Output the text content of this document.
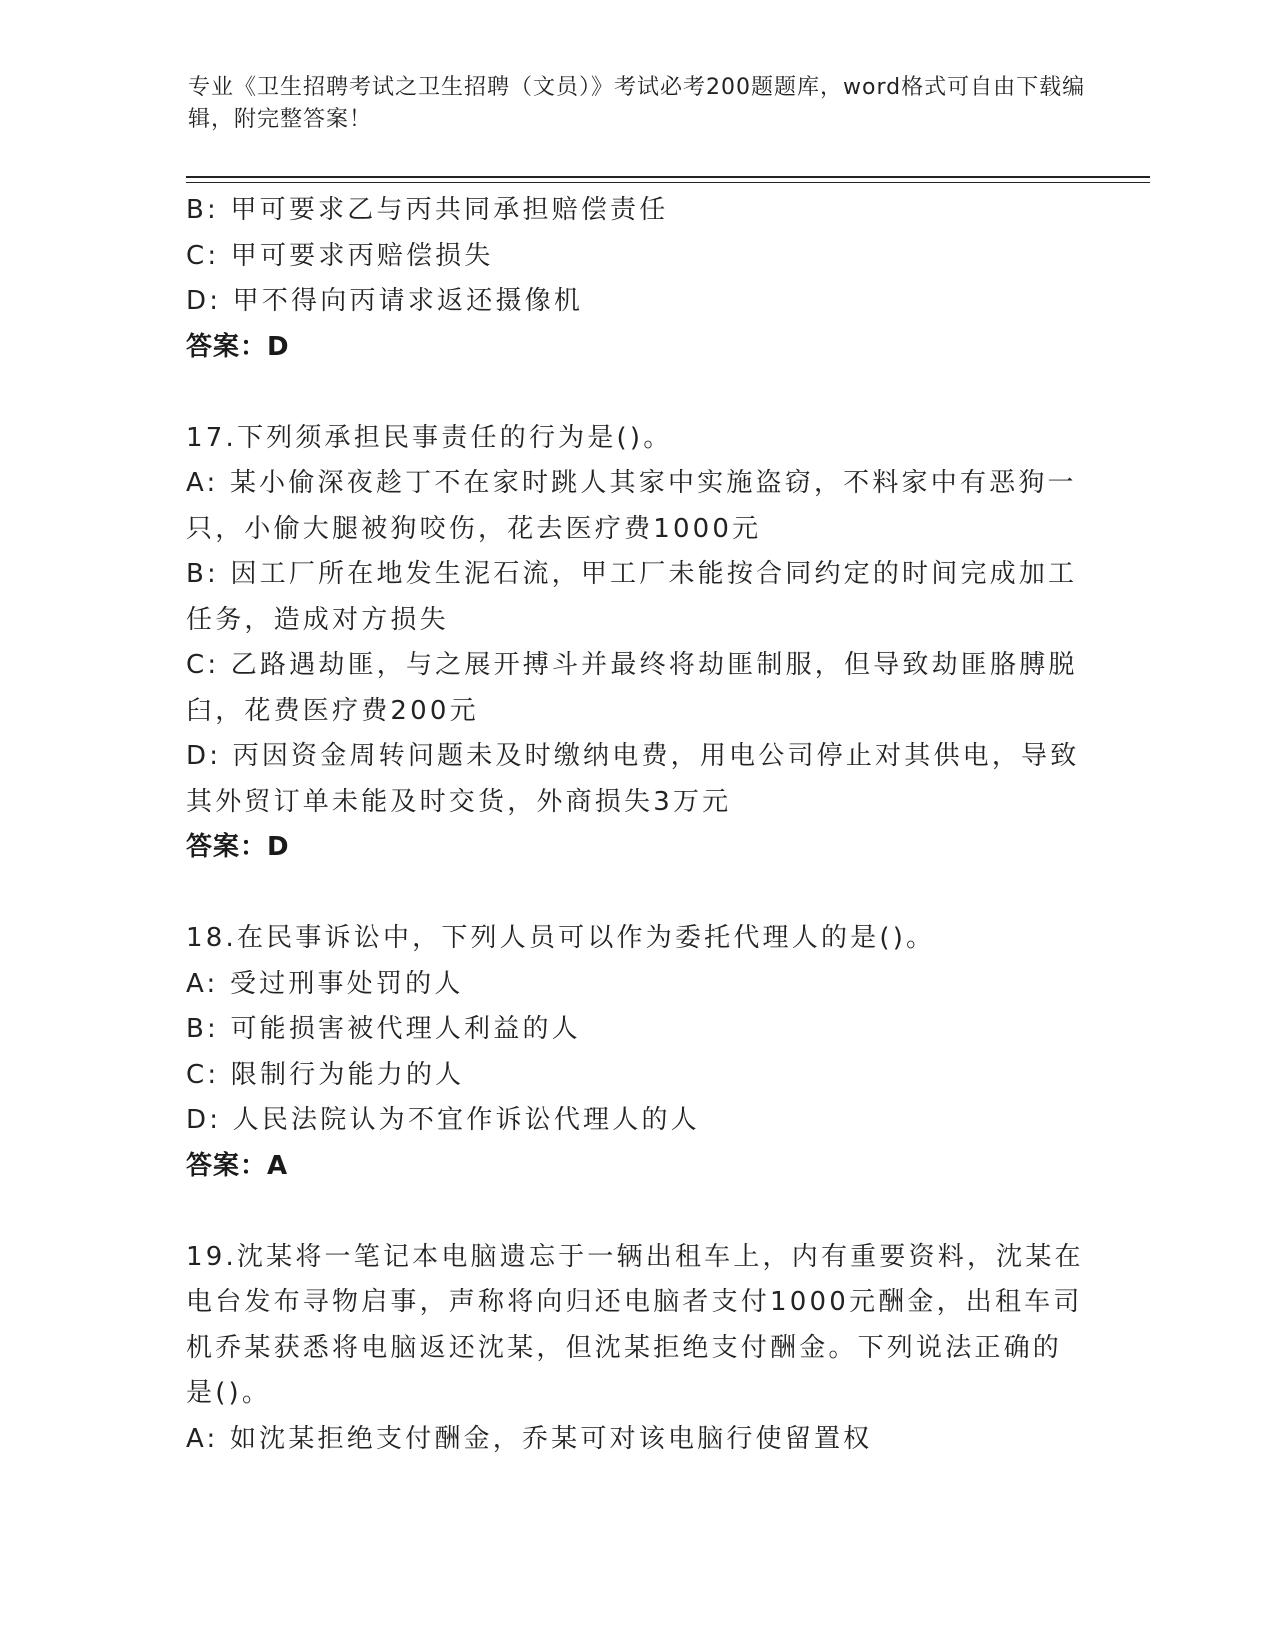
专业《卫生招聘考试之卫生招聘（文员）》考试必考200题题库，word格式可自由下载编辑，附完整答案！
B: 甲可要求乙与丙共同承担赔偿责任
C: 甲可要求丙赔偿损失
D: 甲不得向丙请求返还摄像机
答案：D
17.下列须承担民事责任的行为是()。
A: 某小偷深夜趁丁不在家时跳人其家中实施盗窃，不料家中有恶狗一只，小偷大腿被狗咬伤，花去医疗费1000元
B: 因工厂所在地发生泥石流，甲工厂未能按合同约定的时间完成加工任务，造成对方损失
C: 乙路遇劫匪，与之展开搏斗并最终将劫匪制服，但导致劫匪胳膊脱臼，花费医疗费200元
D: 丙因资金周转问题未及时缴纳电费，用电公司停止对其供电，导致其外贸订单未能及时交货，外商损失3万元
答案：D
18.在民事诉讼中，下列人员可以作为委托代理人的是()。
A: 受过刑事处罚的人
B: 可能损害被代理人利益的人
C: 限制行为能力的人
D: 人民法院认为不宜作诉讼代理人的人
答案：A
19.沈某将一笔记本电脑遗忘于一辆出租车上，内有重要资料，沈某在电台发布寻物启事，声称将向归还电脑者支付1000元酬金，出租车司机乔某获悉将电脑返还沈某，但沈某拒绝支付酬金。下列说法正确的是()。
A: 如沈某拒绝支付酬金，乔某可对该电脑行使留置权
